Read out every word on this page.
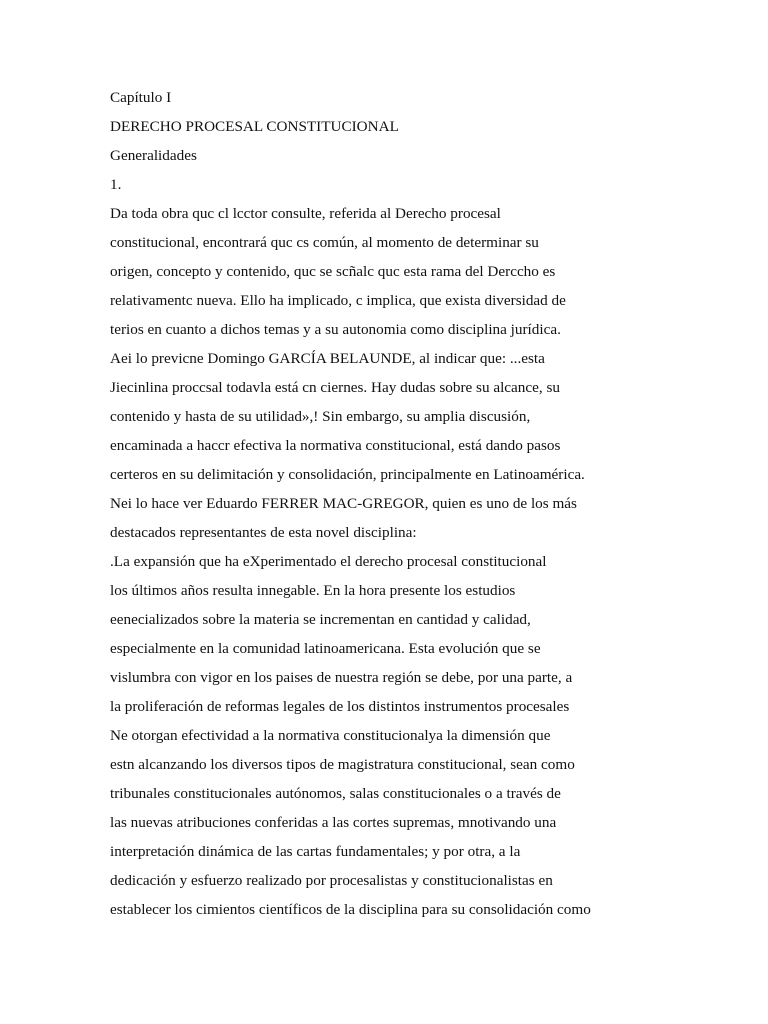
Capítulo I
DERECHO PROCESAL CONSTITUCIONAL
Generalidades
1.
Da toda obra quc cl lcctor consulte, referida al Derecho procesal
constitucional, encontrará quc cs común, al momento de determinar su
origen, concepto y contenido, quc se scñalc quc esta rama del Derccho es
relativamentc nueva. Ello ha implicado, c implica, que exista diversidad de
terios en cuanto a dichos temas y a su autonomia como disciplina jurídica.
Aei lo previcne Domingo GARCÍA BELAUNDE, al indicar que: ...esta
Jiecinlina proccsal todavla está cn ciernes. Hay dudas sobre su alcance, su
contenido y hasta de su utilidad»,! Sin embargo, su amplia discusión,
encaminada a haccr efectiva la normativa constitucional, está dando pasos
certeros en su delimitación y consolidación, principalmente en Latinoamérica.
Nei lo hace ver Eduardo FERRER MAC-GREGOR, quien es uno de los más
destacados representantes de esta novel disciplina:
.La expansión que ha eXperimentado el derecho procesal constitucional
los últimos años resulta innegable. En la hora presente los estudios
eenecializados sobre la materia se incrementan en cantidad y calidad,
especialmente en la comunidad latinoamericana. Esta evolución que se
vislumbra con vigor en los paises de nuestra región se debe, por una parte, a
la proliferación de reformas legales de los distintos instrumentos procesales
Ne otorgan efectividad a la normativa constitucionalya la dimensión que
estn alcanzando los diversos tipos de magistratura constitucional, sean como
tribunales constitucionales autónomos, salas constitucionales o a través de
las nuevas atribuciones conferidas a las cortes supremas, mnotivando una
interpretación dinámica de las cartas fundamentales; y por otra, a la
dedicación y esfuerzo realizado por procesalistas y constitucionalistas en
establecer los cimientos científicos de la disciplina para su consolidación como
